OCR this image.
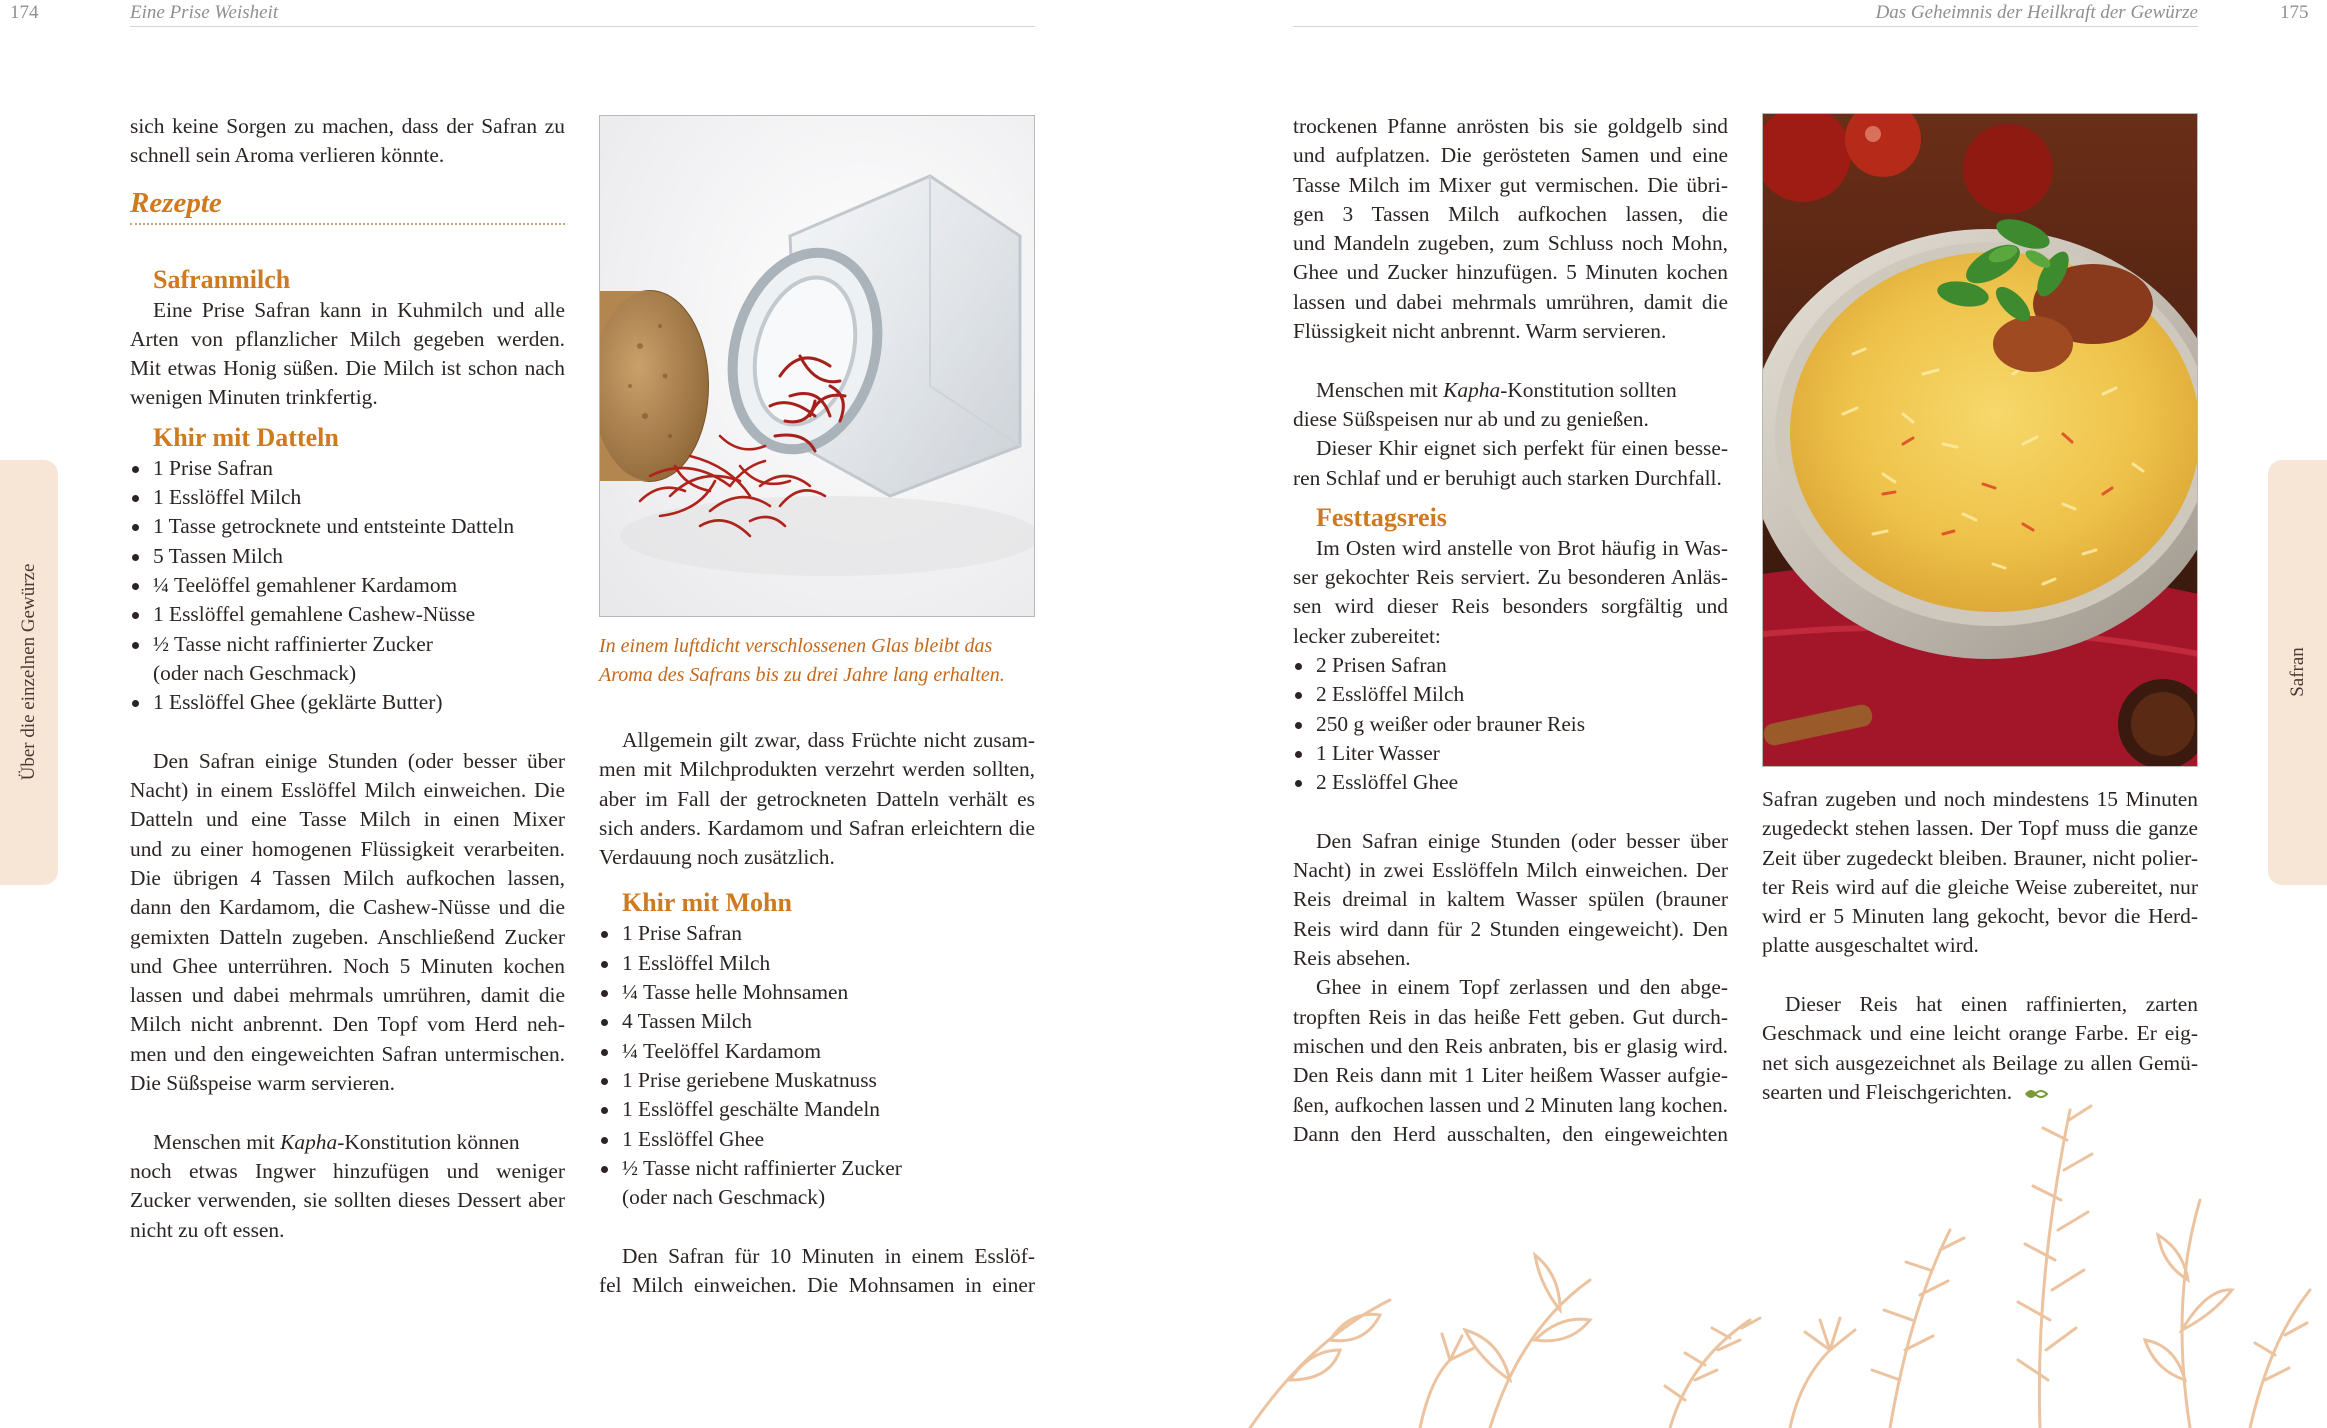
174	Eine Prise Weisheit	Das Geheimnis der Heilkraft der Gewürze	175
Über die einzelnen Gewürze	Safran
sich keine Sorgen zu machen, dass der Safran zu
schnell sein Aroma verlieren könnte.
Rezepte
Safranmilch
Eine Prise Safran kann in Kuhmilch und alle
Arten von pflanzlicher Milch gegeben werden.
Mit etwas Honig süßen. Die Milch ist schon nach
wenigen Minuten trinkfertig.
Khir mit Datteln
1 Prise Safran
1 Esslöffel Milch
1 Tasse getrocknete und entsteinte Datteln
5 Tassen Milch
¼ Teelöffel gemahlener Kardamom
1 Esslöffel gemahlene Cashew-Nüsse
½ Tasse nicht raffinierter Zucker
(oder nach Geschmack)
1 Esslöffel Ghee (geklärte Butter)
Den Safran einige Stunden (oder besser über
Nacht) in einem Esslöffel Milch einweichen. Die
Datteln und eine Tasse Milch in einen Mixer
und zu einer homogenen Flüssigkeit verarbeiten.
Die übrigen 4 Tassen Milch aufkochen lassen,
dann den Kardamom, die Cashew-Nüsse und die
gemixten Datteln zugeben. Anschließend Zucker
und Ghee unterrühren. Noch 5 Minuten kochen
lassen und dabei mehrmals umrühren, damit die
Milch nicht anbrennt. Den Topf vom Herd neh-
men und den eingeweichten Safran untermischen.
Die Süßspeise warm servieren.
Menschen mit Kapha-Konstitution können
noch etwas Ingwer hinzufügen und weniger
Zucker verwenden, sie sollten dieses Dessert aber
nicht zu oft essen.
In einem luftdicht verschlossenen Glas bleibt das
Aroma des Safrans bis zu drei Jahre lang erhalten.
Allgemein gilt zwar, dass Früchte nicht zusam-
men mit Milchprodukten verzehrt werden sollten,
aber im Fall der getrockneten Datteln verhält es
sich anders. Kardamom und Safran erleichtern die
Verdauung noch zusätzlich.
Khir mit Mohn
1 Prise Safran
1 Esslöffel Milch
¼ Tasse helle Mohnsamen
4 Tassen Milch
¼ Teelöffel Kardamom
1 Prise geriebene Muskatnuss
1 Esslöffel geschälte Mandeln
1 Esslöffel Ghee
½ Tasse nicht raffinierter Zucker
(oder nach Geschmack)
Den Safran für 10 Minuten in einem Esslöf-
fel Milch einweichen. Die Mohnsamen in einer
trockenen Pfanne anrösten bis sie goldgelb sind
und aufplatzen. Die gerösteten Samen und eine
Tasse Milch im Mixer gut vermischen. Die übri-
gen 3 Tassen Milch aufkochen lassen, die
und Mandeln zugeben, zum Schluss noch Mohn,
Ghee und Zucker hinzufügen. 5 Minuten kochen
lassen und dabei mehrmals umrühren, damit die
Flüssigkeit nicht anbrennt. Warm servieren.
Menschen mit Kapha-Konstitution sollten
diese Süßspeisen nur ab und zu genießen.
Dieser Khir eignet sich perfekt für einen besse-
ren Schlaf und er beruhigt auch starken Durchfall.
Festtagsreis
Im Osten wird anstelle von Brot häufig in Was-
ser gekochter Reis serviert. Zu besonderen Anläs-
sen wird dieser Reis besonders sorgfältig und
lecker zubereitet:
2 Prisen Safran
2 Esslöffel Milch
250 g weißer oder brauner Reis
1 Liter Wasser
2 Esslöffel Ghee
Den Safran einige Stunden (oder besser über
Nacht) in zwei Esslöffeln Milch einweichen. Der
Reis dreimal in kaltem Wasser spülen (brauner
Reis wird dann für 2 Stunden eingeweicht). Den
Reis absehen.
Ghee in einem Topf zerlassen und den abge-
tropften Reis in das heiße Fett geben. Gut durch-
mischen und den Reis anbraten, bis er glasig wird.
Den Reis dann mit 1 Liter heißem Wasser aufgie-
ßen, aufkochen lassen und 2 Minuten lang kochen.
Dann den Herd ausschalten, den eingeweichten
Safran zugeben und noch mindestens 15 Minuten
zugedeckt stehen lassen. Der Topf muss die ganze
Zeit über zugedeckt bleiben. Brauner, nicht polier-
ter Reis wird auf die gleiche Weise zubereitet, nur
wird er 5 Minuten lang gekocht, bevor die Herd-
platte ausgeschaltet wird.
Dieser Reis hat einen raffinierten, zarten
Geschmack und eine leicht orange Farbe. Er eig-
net sich ausgezeichnet als Beilage zu allen Gemü-
searten und Fleischgerichten.
